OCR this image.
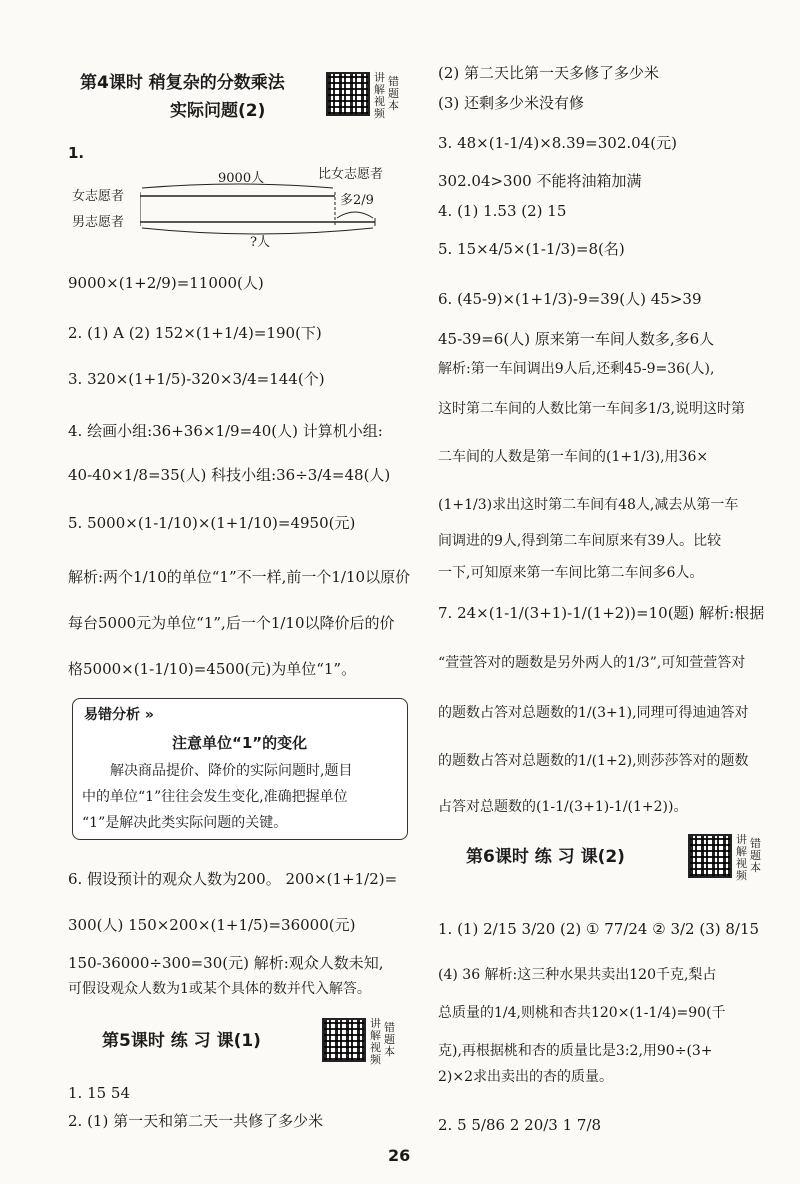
第4课时 稍复杂的分数乘法
实际问题(2)
讲解视频
错题本
1.
女志愿者
男志愿者
9000人	比女志愿者
多2/9
?人
9000×(1+2/9)=11000(人)
2. (1) A (2) 152×(1+1/4)=190(下)
3. 320×(1+1/5)-320×3/4=144(个)
4. 绘画小组:36+36×1/9=40(人) 计算机小组:
40-40×1/8=35(人) 科技小组:36÷3/4=48(人)
5. 5000×(1-1/10)×(1+1/10)=4950(元)
解析:两个1/10的单位“1”不一样,前一个1/10以原价
每台5000元为单位“1”,后一个1/10以降价后的价
格5000×(1-1/10)=4500(元)为单位“1”。
易错分析 »
注意单位“1”的变化
解决商品提价、降价的实际问题时,题目
中的单位“1”往往会发生变化,准确把握单位
“1”是解决此类实际问题的关键。
6. 假设预计的观众人数为200。 200×(1+1/2)=
300(人) 150×200×(1+1/5)=36000(元)
150-36000÷300=30(元) 解析:观众人数未知,
可假设观众人数为1或某个具体的数并代入解答。
第5课时 练 习 课(1)
讲解视频
错题本
1. 15 54
2. (1) 第一天和第二天一共修了多少米
(2) 第二天比第一天多修了多少米
(3) 还剩多少米没有修
3. 48×(1-1/4)×8.39=302.04(元)
302.04>300 不能将油箱加满
4. (1) 1.53 (2) 15
5. 15×4/5×(1-1/3)=8(名)
6. (45-9)×(1+1/3)-9=39(人) 45>39
45-39=6(人) 原来第一车间人数多,多6人
解析:第一车间调出9人后,还剩45-9=36(人),
这时第二车间的人数比第一车间多1/3,说明这时第
二车间的人数是第一车间的(1+1/3),用36×
(1+1/3)求出这时第二车间有48人,减去从第一车
间调进的9人,得到第二车间原来有39人。比较
一下,可知原来第一车间比第二车间多6人。
7. 24×(1-1/(3+1)-1/(1+2))=10(题) 解析:根据
“萱萱答对的题数是另外两人的1/3”,可知萱萱答对
的题数占答对总题数的1/(3+1),同理可得迪迪答对
的题数占答对总题数的1/(1+2),则莎莎答对的题数
占答对总题数的(1-1/(3+1)-1/(1+2))。
第6课时 练 习 课(2)
讲解视频
错题本
1. (1) 2/15 3/20 (2) ① 77/24 ② 3/2 (3) 8/15
(4) 36 解析:这三种水果共卖出120千克,梨占
总质量的1/4,则桃和杏共120×(1-1/4)=90(千
克),再根据桃和杏的质量比是3:2,用90÷(3+
2)×2求出卖出的杏的质量。
2. 5 5/86 2 20/3 1 7/8
26
